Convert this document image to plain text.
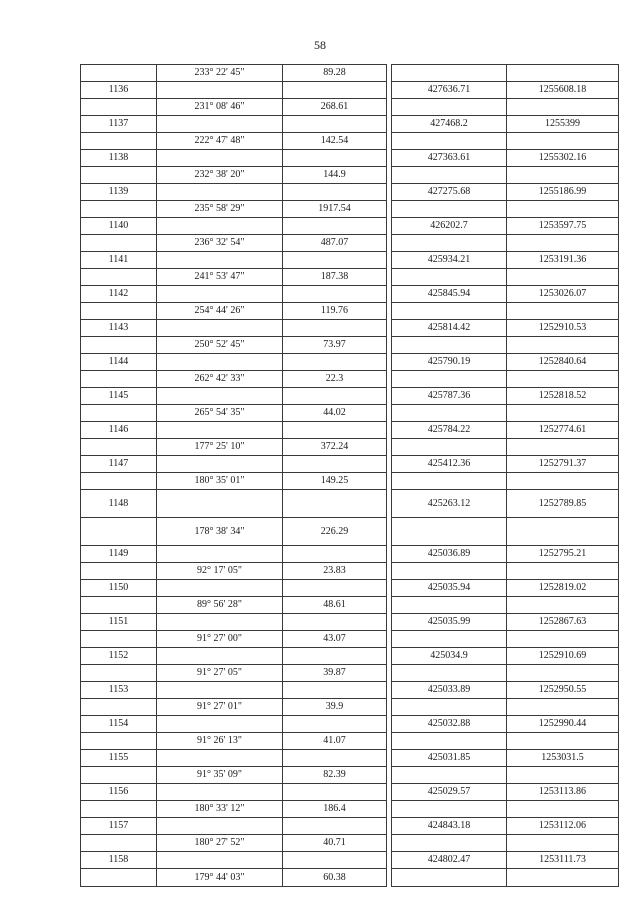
58
	233° 22' 45"	89.28			
1136				427636.71	1255608.18
	231° 08' 46"	268.61			
1137				427468.2	1255399
	222° 47' 48"	142.54			
1138				427363.61	1255302.16
	232° 38' 20"	144.9			
1139				427275.68	1255186.99
	235° 58' 29"	1917.54			
1140				426202.7	1253597.75
	236° 32' 54"	487.07			
1141				425934.21	1253191.36
	241° 53' 47"	187.38			
1142				425845.94	1253026.07
	254° 44' 26"	119.76			
1143				425814.42	1252910.53
	250° 52' 45"	73.97			
1144				425790.19	1252840.64
	262° 42' 33"	22.3			
1145				425787.36	1252818.52
	265° 54' 35"	44.02			
1146				425784.22	1252774.61
	177° 25' 10"	372.24			
1147				425412.36	1252791.37
	180° 35' 01"	149.25			
1148				425263.12	1252789.85
	178° 38' 34"	226.29			
1149				425036.89	1252795.21
	92° 17' 05"	23.83			
1150				425035.94	1252819.02
	89° 56' 28"	48.61			
1151				425035.99	1252867.63
	91° 27' 00"	43.07			
1152				425034.9	1252910.69
	91° 27' 05"	39.87			
1153				425033.89	1252950.55
	91° 27' 01"	39.9			
1154				425032.88	1252990.44
	91° 26' 13"	41.07			
1155				425031.85	1253031.5
	91° 35' 09"	82.39			
1156				425029.57	1253113.86
	180° 33' 12"	186.4			
1157				424843.18	1253112.06
	180° 27' 52"	40.71			
1158				424802.47	1253111.73
	179° 44' 03"	60.38			
